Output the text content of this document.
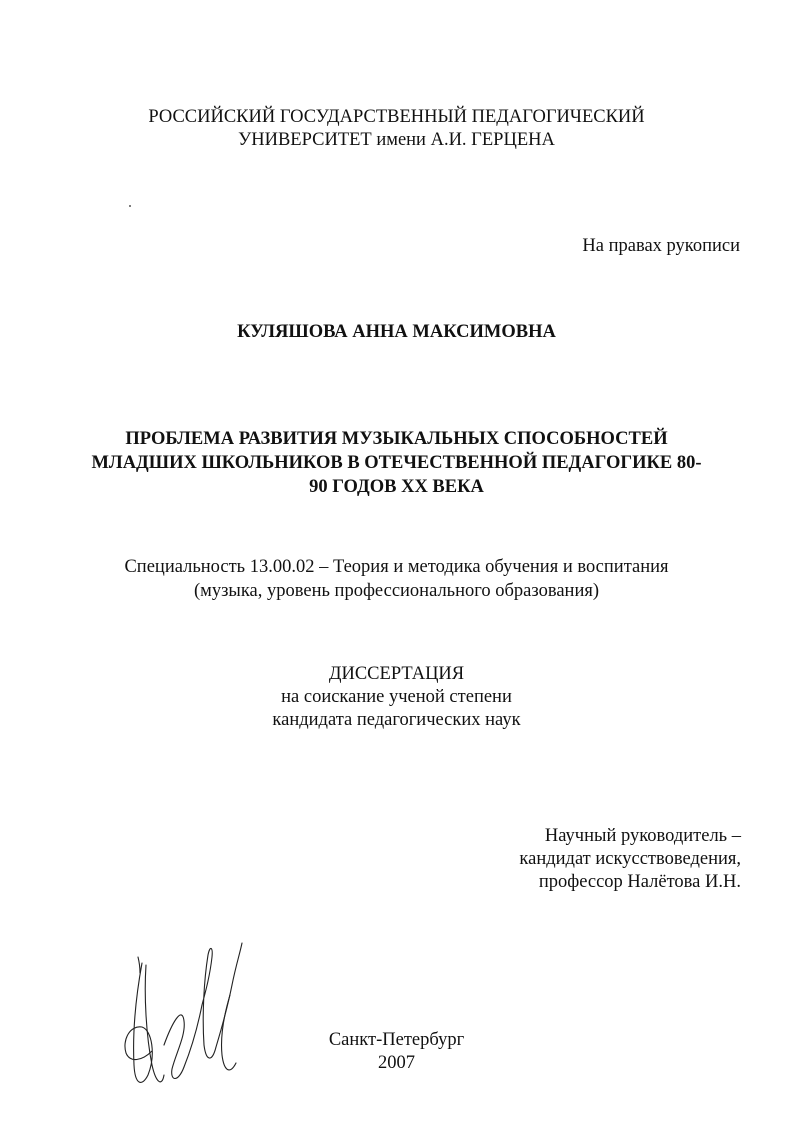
РОССИЙСКИЙ ГОСУДАРСТВЕННЫЙ ПЕДАГОГИЧЕСКИЙ
УНИВЕРСИТЕТ имени А.И. ГЕРЦЕНА
На правах рукописи
КУЛЯШОВА АННА МАКСИМОВНА
ПРОБЛЕМА РАЗВИТИЯ МУЗЫКАЛЬНЫХ СПОСОБНОСТЕЙ
МЛАДШИХ ШКОЛЬНИКОВ В ОТЕЧЕСТВЕННОЙ ПЕДАГОГИКЕ 80-
90 ГОДОВ XX ВЕКА
Специальность 13.00.02 – Теория и методика обучения и воспитания
(музыка, уровень профессионального образования)
ДИССЕРТАЦИЯ
на соискание ученой степени
кандидата педагогических наук
Научный руководитель –
кандидат искусствоведения,
профессор Налётова И.Н.
Санкт-Петербург
2007
